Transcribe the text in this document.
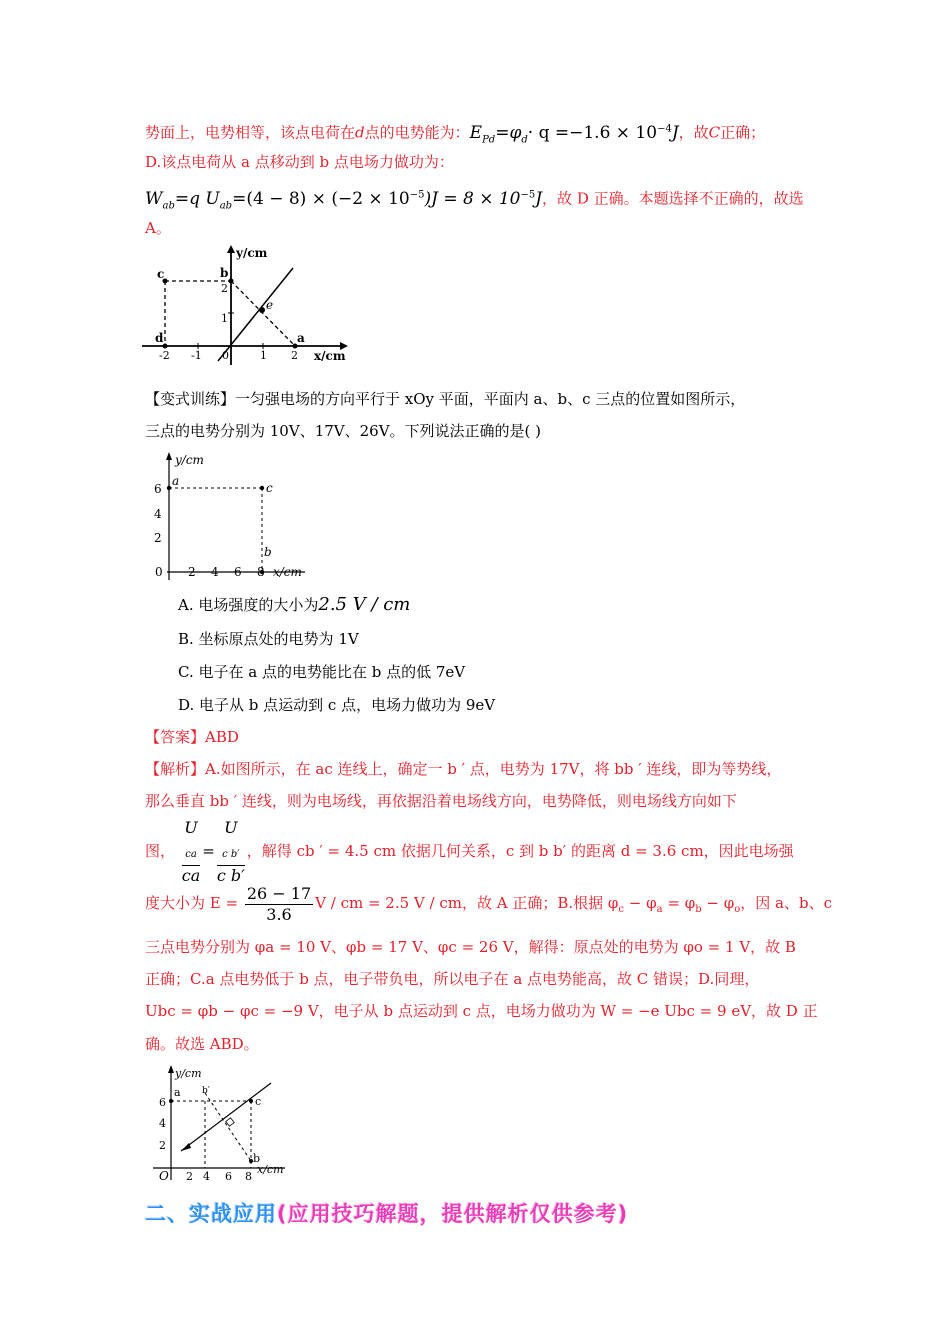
势面上，电势相等，该点电荷在d点的电势能为：$E_{Pd}=\varphi_d\cdot q =-1.6 \times 10^{-4}J$，故C正确；
D.该点电荷从 a 点移动到 b 点电场力做功为：
$W_{ab}=q$ $U_{ab}=(4 - 8) \times (-2 \times 10^{-5})J = 8 \times 10^{-5}J$，故 D 正确。本题选择不正确的，故选
A。
y/cm
x/cm
c	b
d	a
e
-2 -1 0	1 2
1
2
【变式训练】一匀强电场的方向平行于 xOy 平面，平面内 a、b、c 三点的位置如图所示，
三点的电势分别为 10V、17V、26V。下列说法正确的是( )
y/cm
x/cm
a	c
b
0 2 4 6 8
2
4
6
A. 电场强度的大小为2.5 V / cm
B. 坐标原点处的电势为 1V
C. 电子在 a 点的电势能比在 b 点的低 7eV
D. 电子从 b 点运动到 c 点，电场力做功为 9eV
【答案】ABD
【解析】A.如图所示，在 ac 连线上，确定一 b ′ 点，电势为 17V，将 bb ′ 连线，即为等势线，
那么垂直 bb ′ 连线，则为电场线，再依据沿着电场线方向，电势降低，则电场线方向如下
图， U
$_{ca}$
ca = U
$_{c b'}$
c b′ ，解得 cb ′ = 4.5 cm 依据几何关系，c 到 b b′ 的距离 d = 3.6 cm，因此电场强
度大小为 $E = \frac{26 - 17}{3.6}$ V / cm = 2.5 V / cm，故 A 正确；B.根据 $\varphi_c - \varphi_a = \varphi_b - \varphi_o$，因 a、b、c
三点电势分别为 φa = 10 V、φb = 17 V、φc = 26 V，解得：原点处的电势为 φo = 1 V，故 B
正确；C.a 点电势低于 b 点，电子带负电，所以电子在 a 点电势能高，故 C 错误；D.同理，
Ubc = φb − φc = −9 V，电子从 b 点运动到 c 点，电场力做功为 W = −e Ubc = 9 eV，故 D 正
确。故选 ABD。
y/cm
x/cm
a
c
b
b′
O 2 4 6 8
2
4
6
二、实战应用(应用技巧解题，提供解析仅供参考)
